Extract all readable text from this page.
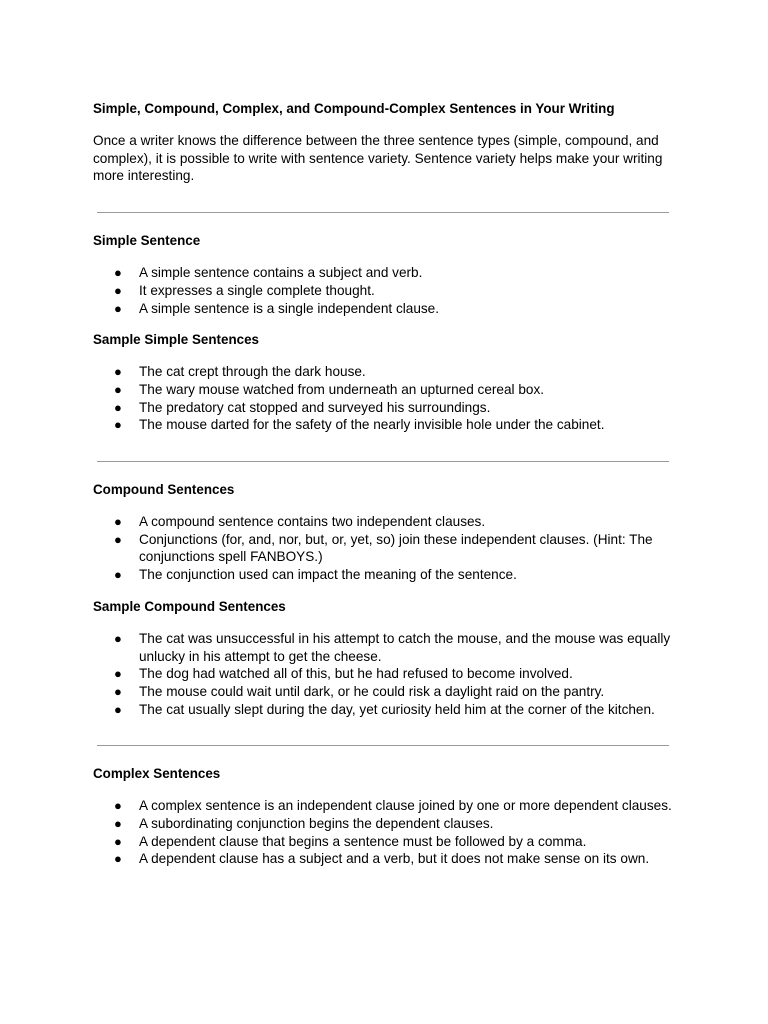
Simple, Compound, Complex, and Compound-Complex Sentences in Your Writing

Once a writer knows the difference between the three sentence types (simple, compound, and complex), it is possible to write with sentence variety. Sentence variety helps make your writing more interesting.

Simple Sentence

● A simple sentence contains a subject and verb.
● It expresses a single complete thought.
● A simple sentence is a single independent clause.

Sample Simple Sentences

● The cat crept through the dark house.
● The wary mouse watched from underneath an upturned cereal box.
● The predatory cat stopped and surveyed his surroundings.
● The mouse darted for the safety of the nearly invisible hole under the cabinet.

Compound Sentences

● A compound sentence contains two independent clauses.
● Conjunctions (for, and, nor, but, or, yet, so) join these independent clauses. (Hint: The conjunctions spell FANBOYS.)
● The conjunction used can impact the meaning of the sentence.

Sample Compound Sentences

● The cat was unsuccessful in his attempt to catch the mouse, and the mouse was equally unlucky in his attempt to get the cheese.
● The dog had watched all of this, but he had refused to become involved.
● The mouse could wait until dark, or he could risk a daylight raid on the pantry.
● The cat usually slept during the day, yet curiosity held him at the corner of the kitchen.

Complex Sentences

● A complex sentence is an independent clause joined by one or more dependent clauses.
● A subordinating conjunction begins the dependent clauses.
● A dependent clause that begins a sentence must be followed by a comma.
● A dependent clause has a subject and a verb, but it does not make sense on its own.
